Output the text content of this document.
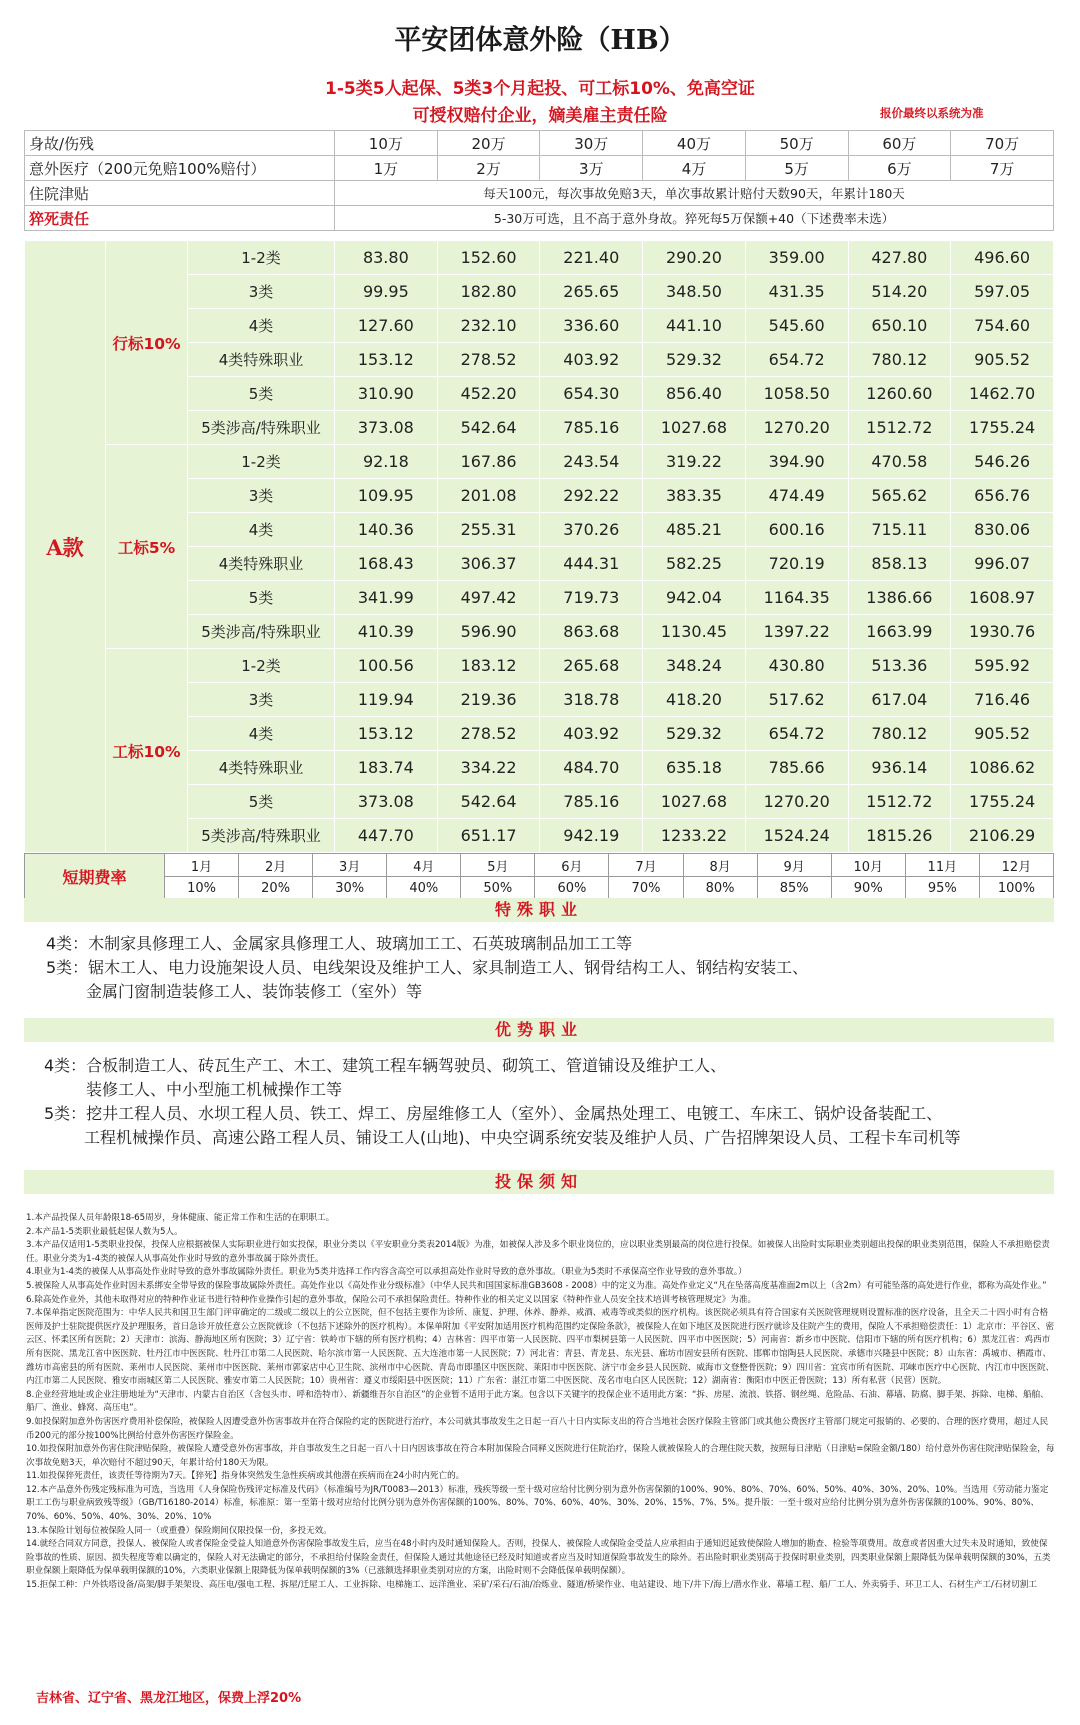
平安团体意外险（HB）
1-5类5人起保、5类3个月起投、可工标10%、免高空证
可授权赔付企业，嫡美雇主责任险	报价最终以系统为准
身故/伤残	10万	20万	30万	40万	50万	60万	70万
意外医疗（200元免赔100%赔付）	1万	2万	3万	4万	5万	6万	7万
住院津贴	每天100元，每次事故免赔3天，单次事故累计赔付天数90天，年累计180天						
猝死责任	5-30万可选，且不高于意外身故。猝死每5万保额+40（下述费率未选）						
A款	行标10%	1-2类	83.80	152.60	221.40	290.20	359.00	427.80	496.60
		3类	99.95	182.80	265.65	348.50	431.35	514.20	597.05
		4类	127.60	232.10	336.60	441.10	545.60	650.10	754.60
		4类特殊职业	153.12	278.52	403.92	529.32	654.72	780.12	905.52
		5类	310.90	452.20	654.30	856.40	1058.50	1260.60	1462.70
		5类涉高/特殊职业	373.08	542.64	785.16	1027.68	1270.20	1512.72	1755.24
	工标5%	1-2类	92.18	167.86	243.54	319.22	394.90	470.58	546.26
		3类	109.95	201.08	292.22	383.35	474.49	565.62	656.76
		4类	140.36	255.31	370.26	485.21	600.16	715.11	830.06
		4类特殊职业	168.43	306.37	444.31	582.25	720.19	858.13	996.07
		5类	341.99	497.42	719.73	942.04	1164.35	1386.66	1608.97
		5类涉高/特殊职业	410.39	596.90	863.68	1130.45	1397.22	1663.99	1930.76
	工标10%	1-2类	100.56	183.12	265.68	348.24	430.80	513.36	595.92
		3类	119.94	219.36	318.78	418.20	517.62	617.04	716.46
		4类	153.12	278.52	403.92	529.32	654.72	780.12	905.52
		4类特殊职业	183.74	334.22	484.70	635.18	785.66	936.14	1086.62
		5类	373.08	542.64	785.16	1027.68	1270.20	1512.72	1755.24
		5类涉高/特殊职业	447.70	651.17	942.19	1233.22	1524.24	1815.26	2106.29
短期费率	1月	2月	3月	4月	5月	6月	7月	8月	9月	10月	11月	12月
	10%	20%	30%	40%	50%	60%	70%	80%	85%	90%	95%	100%
特殊职业
4类：木制家具修理工人、金属家具修理工人、玻璃加工工、石英玻璃制品加工工等
5类：锯木工人、电力设施架设人员、电线架设及维护工人、家具制造工人、钢骨结构工人、钢结构安装工、
金属门窗制造装修工人、装饰装修工（室外）等
优势职业
4类：合板制造工人、砖瓦生产工、木工、建筑工程车辆驾驶员、砌筑工、管道铺设及维护工人、
装修工人、中小型施工机械操作工等
5类：挖井工程人员、水坝工程人员、铁工、焊工、房屋维修工人（室外）、金属热处理工、电镀工、车床工、锅炉设备装配工、
工程机械操作员、高速公路工程人员、铺设工人(山地)、中央空调系统安装及维护人员、广告招牌架设人员、工程卡车司机等
投保须知

1.本产品投保人员年龄限18-65周岁，身体健康、能正常工作和生活的在职职工。

2.本产品1-5类职业最低起保人数为5人。

3.本产品仅适用1-5类职业投保，投保人应根据被保人实际职业进行如实投保，职业分类以《平安职业分类表2014版》为准，如被保人涉及多个职业岗位的，应以职业类别最高的岗位进行投保。如被保人出险时实际职业类别超出投保的职业类别范围，保险人不承担赔偿责任。职业分类为1-4类的被保人从事高处作业时导致的意外事故属于除外责任。

4.职业为1-4类的被保人从事高处作业时导致的意外事故属除外责任。职业为5类并选择工作内容含高空可以承担高处作业时导致的意外事故。（职业为5类时不承保高空作业导致的意外事故。）

5.被保险人从事高处作业时因未系绑安全带导致的保险事故属除外责任。高处作业以《高处作业分级标准》（中华人民共和国国家标准GB3608 - 2008）中的定义为准。高处作业定义“凡在坠落高度基准面2m以上（含2m）有可能坠落的高处进行作业，都称为高处作业。”

6.除高处作业外，其他未取得对应的特种作业证书进行特种作业操作引起的意外事故，保险公司不承担保险责任。特种作业的相关定义以国家《特种作业人员安全技术培训考核管理规定》为准。

7.本保单指定医院范围为：中华人民共和国卫生部门评审确定的二级或二级以上的公立医院，但不包括主要作为诊所、康复、护理、休养、静养、戒酒、戒毒等或类似的医疗机构。该医院必须具有符合国家有关医院管理规则设置标准的医疗设备，且全天二十四小时有合格医师及护士驻院提供医疗及护理服务，首日急诊开放任意公立医院就诊（不包括下述除外的医疗机构）。本保单附加《平安附加适用医疗机构范围约定保险条款》，被保险人在如下地区及医院进行医疗就诊及住院产生的费用，保险人不承担赔偿责任：1）北京市：平谷区、密云区、怀柔区所有医院；2）天津市：滨海、静海地区所有医院；3）辽宁省：铁岭市下辖的所有医疗机构；4）吉林省：四平市第一人民医院、四平市梨树县第一人民医院、四平市中医医院；5）河南省：新乡市中医院、信阳市下辖的所有医疗机构；6）黑龙江省：鸡西市所有医院、黑龙江省中医医院、牡丹江市中医医院、牡丹江市第二人民医院、哈尔滨市第一人民医院、五大连池市第一人民医院；7）河北省：青县、青龙县、东光县、廊坊市固安县所有医院、邯郸市馆陶县人民医院、承德市兴隆县中医院；8）山东省：禹城市、栖霞市、潍坊市高密县的所有医院、莱州市人民医院、莱州市中医医院、莱州市郭家店中心卫生院、滨州市中心医院、青岛市即墨区中医医院、莱阳市中医医院、济宁市金乡县人民医院、威海市文登整骨医院；9）四川省：宜宾市所有医院、邛崃市医疗中心医院、内江市中医医院、内江市第二人民医院、雅安市雨城区第二人民医院、雅安市第二人民医院；10）贵州省：遵义市绥阳县中医医院；11）广东省：湛江市第二中医医院、茂名市电白区人民医院；12）湖南省：衡阳市中医正骨医院；13）所有私营（民营）医院。

8.企业经营地址或企业注册地址为“天津市、内蒙古自治区（含包头市、呼和浩特市）、新疆维吾尔自治区”的企业暂不适用于此方案。包含以下关键字的投保企业不适用此方案：“拆、房屋、流浪、铁搭、钢丝绳、危险品、石油、幕墙、防腐、脚手架、拆除、电梯、船舶、船厂、渔业、蜂窝、高压电”。

9.如投保附加意外伤害医疗费用补偿保险，被保险人因遭受意外伤害事故并在符合保险约定的医院进行治疗，本公司就其事故发生之日起一百八十日内实际支出的符合当地社会医疗保险主管部门或其他公费医疗主管部门规定可报销的、必要的、合理的医疗费用，超过人民币200元的部分按100%比例给付意外伤害医疗保险金。

10.如投保附加意外伤害住院津贴保险，被保险人遭受意外伤害事故，并自事故发生之日起一百八十日内因该事故在符合本附加保险合同释义医院进行住院治疗，保险人就被保险人的合理住院天数，按照每日津贴（日津贴=保险金额/180）给付意外伤害住院津贴保险金，每次事故免赔3天，单次赔付不超过90天，年累计给付180天为限。

11.如投保猝死责任，该责任等待期为7天。【猝死】指身体突然发生急性疾病或其他潜在疾病而在24小时内死亡的。

12.本产品意外伤残定残标准为可选，当选用《人身保险伤残评定标准及代码》（标准编号为JR/T0083—2013）标准，残疾等级一至十级对应给付比例分别为意外伤害保额的100%、90%、80%、70%、60%、50%、40%、30%、20%、10%。当选用《劳动能力鉴定职工工伤与职业病致残等级》（GB/T16180-2014）标准，标准原：第一至第十级对应给付比例分别为意外伤害保额的100%、80%、70%、60%、40%、30%、20%、15%、7%、5%。提升版：一至十级对应给付比例分别为意外伤害保额的100%、90%、80%、70%、60%、50%、40%、30%、20%、10%

13.本保险计划每位被保险人同一（或重叠）保险期间仅限投保一份，多投无效。

14.就经合同双方同意，投保人、被保险人或者保险金受益人知道意外伤害保险事故发生后，应当在48小时内及时通知保险人。否则，投保人、被保险人或保险金受益人应承担由于通知迟延致使保险人增加的勘查、检验等项费用。故意或者因重大过失未及时通知，致使保险事故的性质、原因、损失程度等难以确定的，保险人对无法确定的部分，不承担给付保险金责任，但保险人通过其他途径已经及时知道或者应当及时知道保险事故发生的除外。若出险时职业类别高于投保时职业类别，四类职业保额上限降低为保单载明保额的30%，五类职业保额上限降低为保单载明保额的10%，六类职业保额上限降低为保单载明保额的3%（已涨额选择职业类别对应的方案，出险时则不会降低保单载明保额）。

15.拒保工种：户外铁塔设备/高架/脚手架架设、高压电/强电工程、拆屋/迁屋工人、工业拆除、电梯施工、远洋渔业、采矿/采石/石油/冶炼业、隧道/桥梁作业、电站建设、地下/井下/海上/潜水作业、幕墙工程、船厂工人、外卖骑手、环卫工人、石材生产工/石材切割工

吉林省、辽宁省、黑龙江地区，保费上浮20%
